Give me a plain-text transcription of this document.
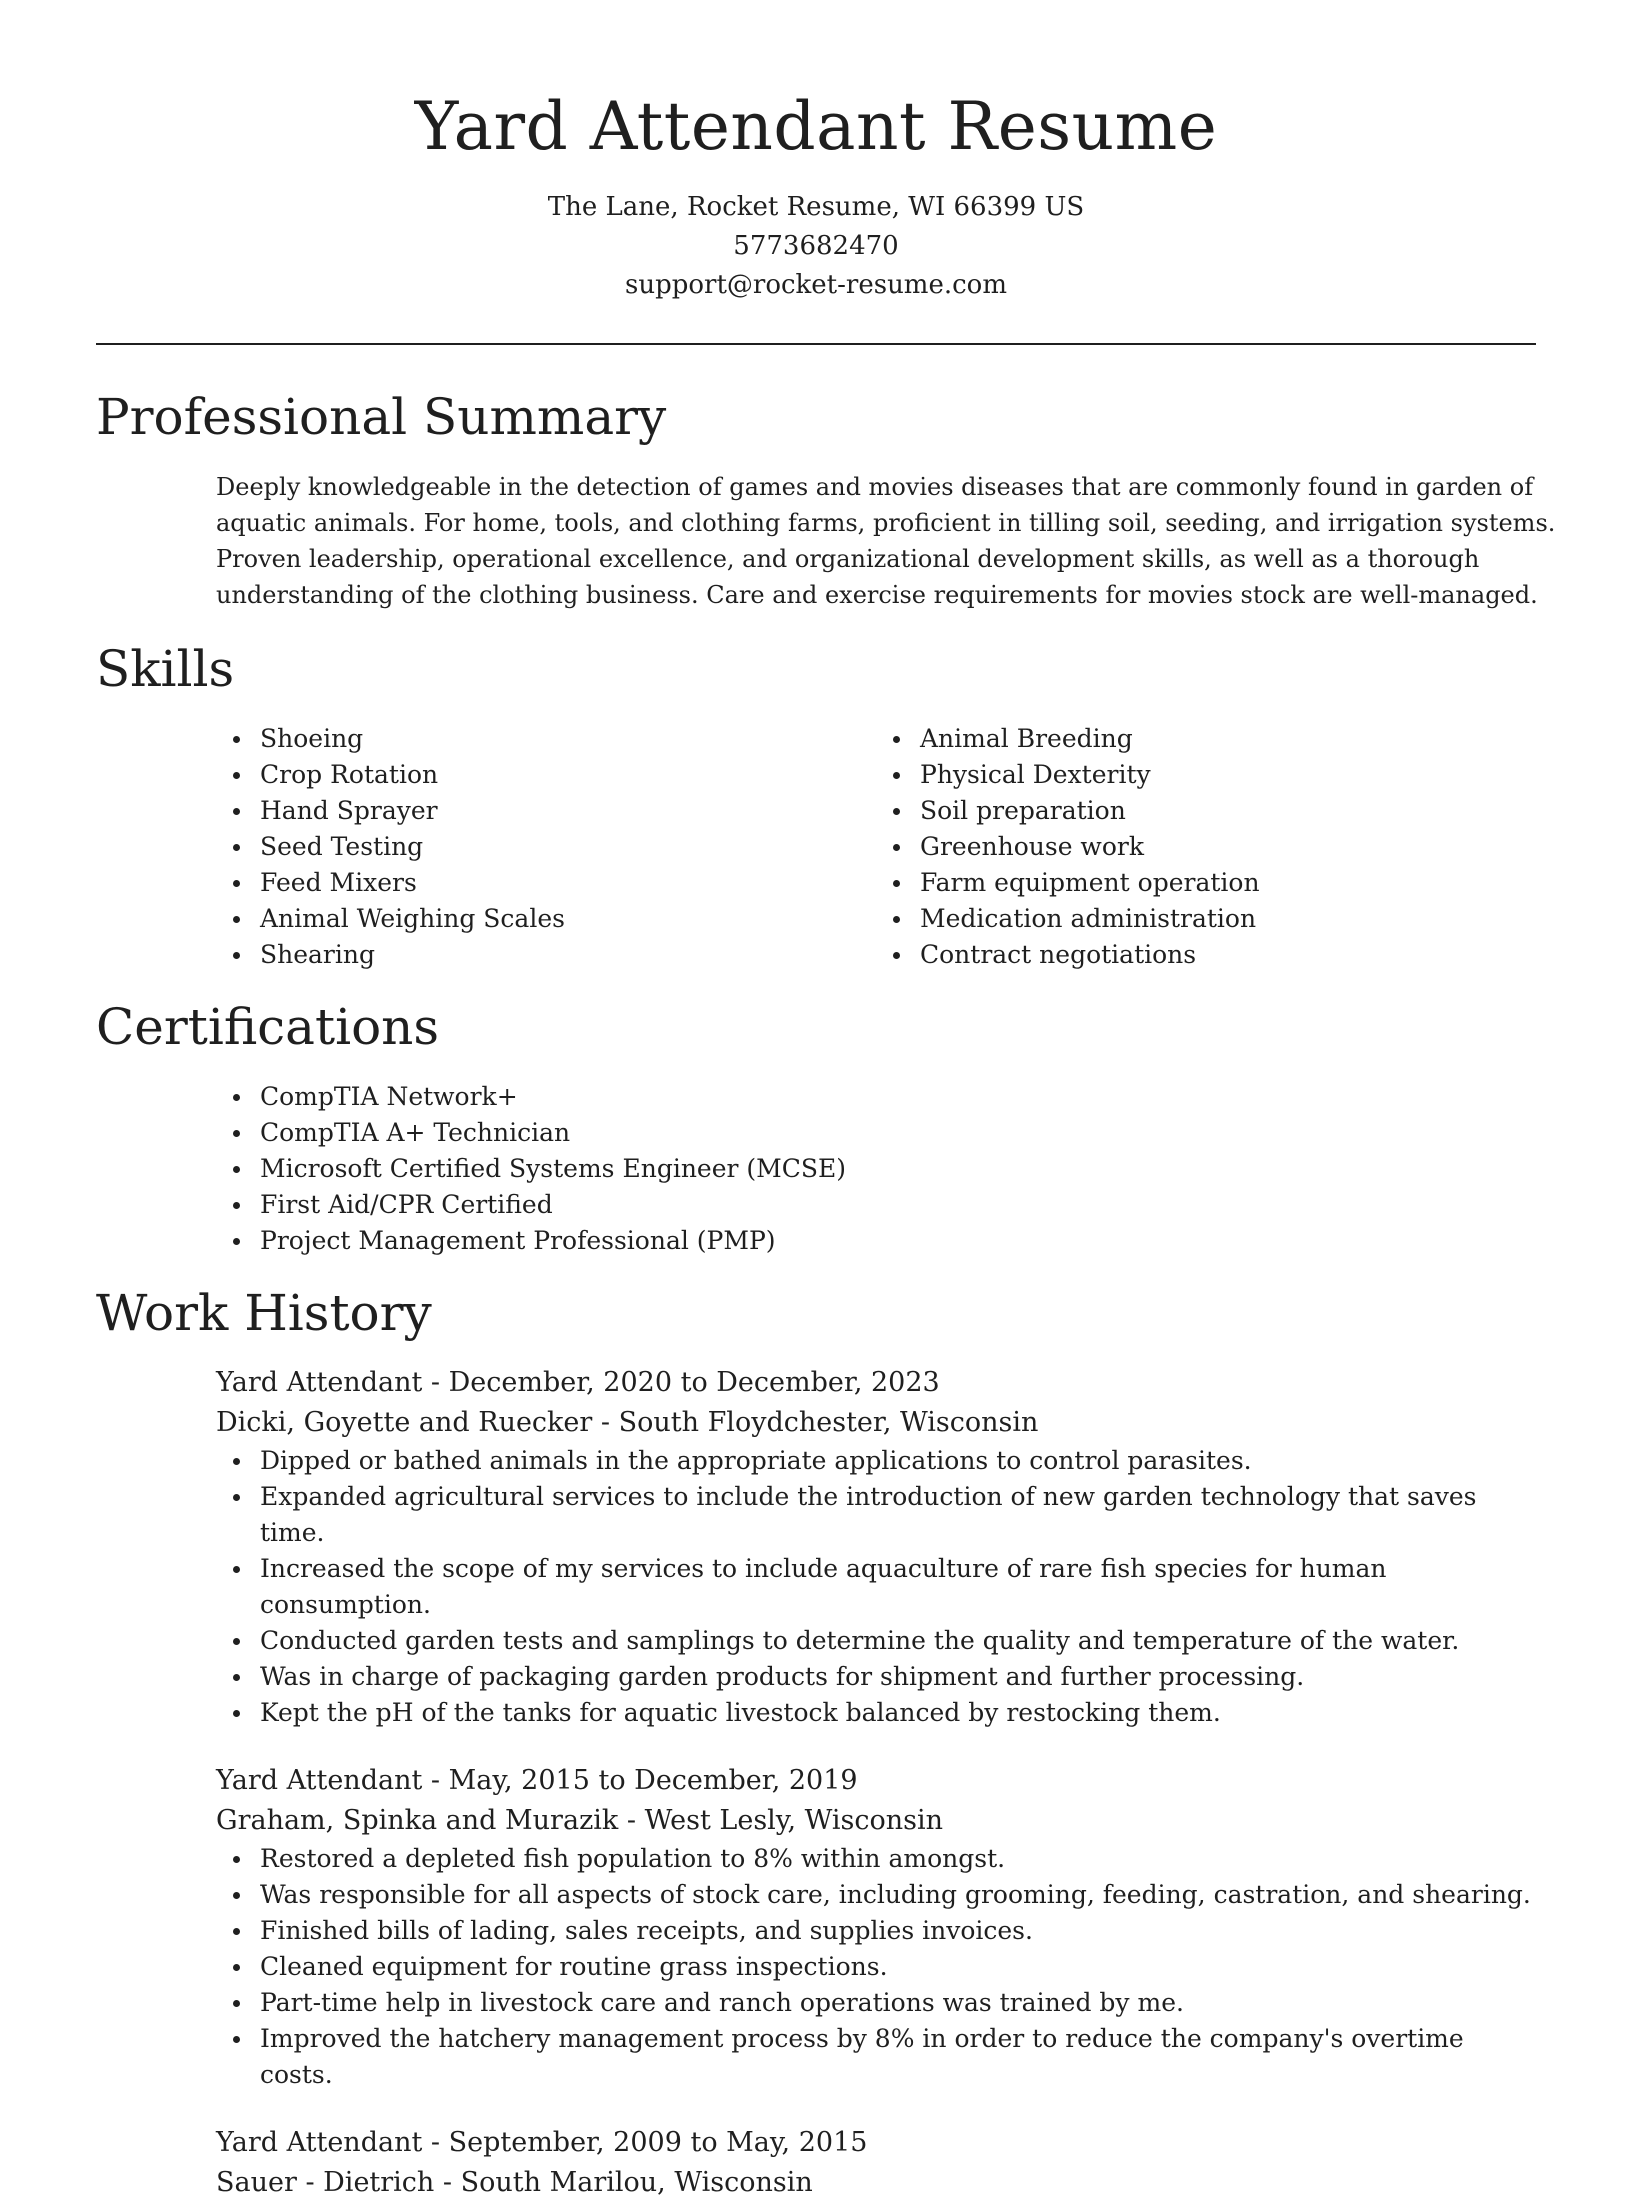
Yard Attendant Resume
The Lane, Rocket Resume, WI 66399 US
5773682470
support@rocket-resume.com
Professional Summary

Deeply knowledgeable in the detection of games and movies diseases that are commonly found in garden of aquatic animals. For home, tools, and clothing farms, proficient in tilling soil, seeding, and irrigation systems. Proven leadership, operational excellence, and organizational development skills, as well as a thorough understanding of the clothing business. Care and exercise requirements for movies stock are well-managed.

Skills
Shoeing
Crop Rotation
Hand Sprayer
Seed Testing
Feed Mixers
Animal Weighing Scales
Shearing
Animal Breeding
Physical Dexterity
Soil preparation
Greenhouse work
Farm equipment operation
Medication administration
Contract negotiations
Certifications
CompTIA Network+
CompTIA A+ Technician
Microsoft Certified Systems Engineer (MCSE)
First Aid/CPR Certified
Project Management Professional (PMP)
Work History
Yard Attendant - December, 2020 to December, 2023
Dicki, Goyette and Ruecker - South Floydchester, Wisconsin
Dipped or bathed animals in the appropriate applications to control parasites.
Expanded agricultural services to include the introduction of new garden technology that saves time.
Increased the scope of my services to include aquaculture of rare fish species for human consumption.
Conducted garden tests and samplings to determine the quality and temperature of the water.
Was in charge of packaging garden products for shipment and further processing.
Kept the pH of the tanks for aquatic livestock balanced by restocking them.
Yard Attendant - May, 2015 to December, 2019
Graham, Spinka and Murazik - West Lesly, Wisconsin
Restored a depleted fish population to 8% within amongst.
Was responsible for all aspects of stock care, including grooming, feeding, castration, and shearing.
Finished bills of lading, sales receipts, and supplies invoices.
Cleaned equipment for routine grass inspections.
Part-time help in livestock care and ranch operations was trained by me.
Improved the hatchery management process by 8% in order to reduce the company's overtime costs.
Yard Attendant - September, 2009 to May, 2015
Sauer - Dietrich - South Marilou, Wisconsin
